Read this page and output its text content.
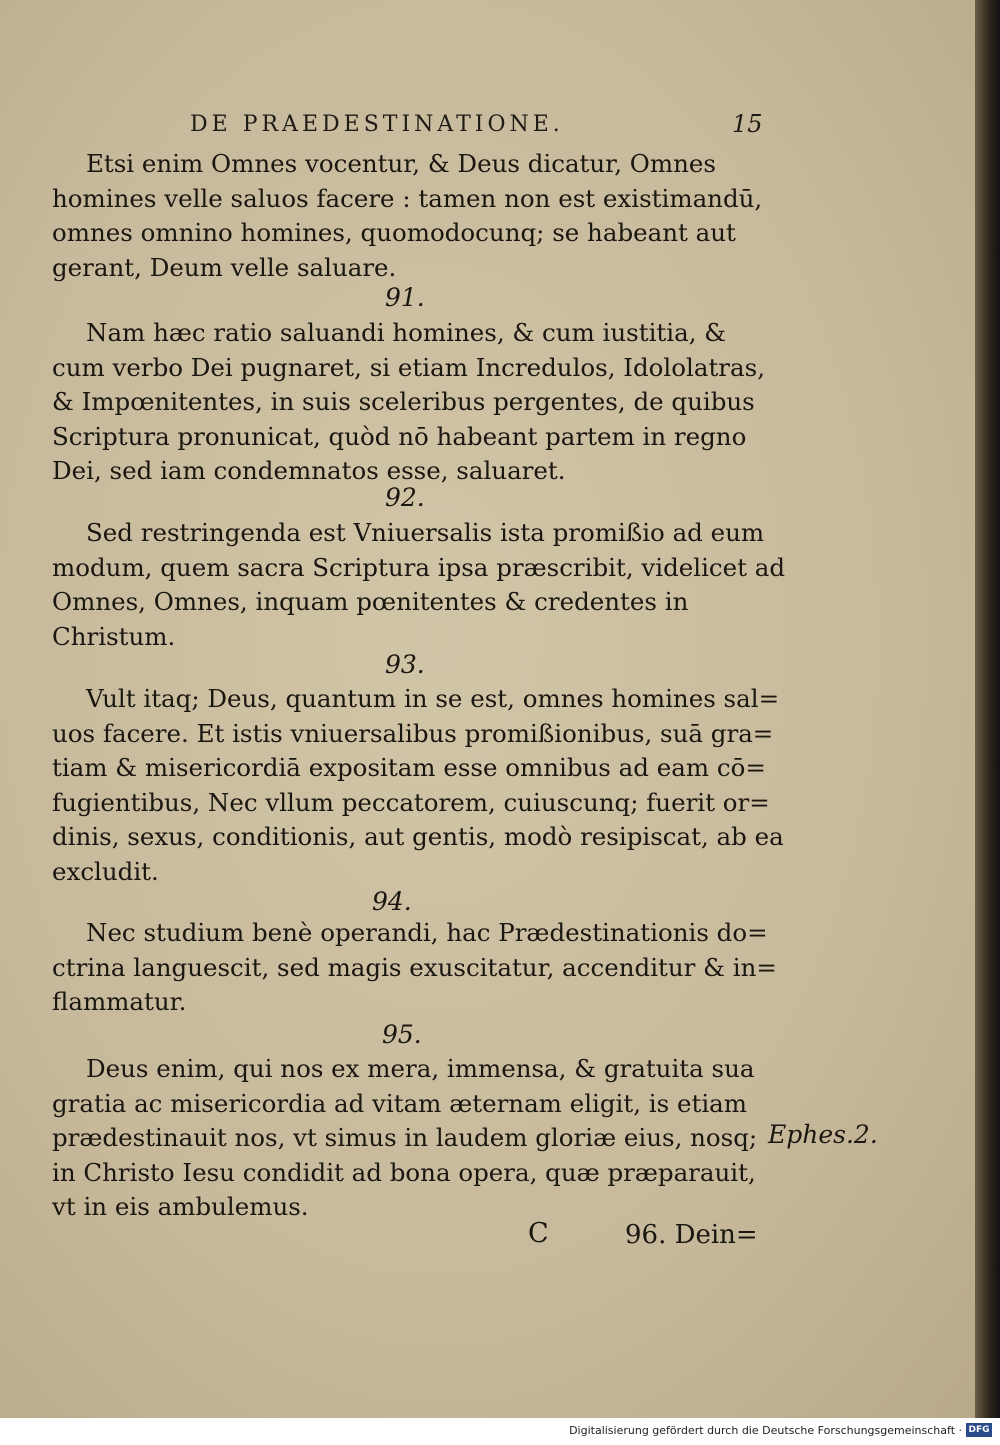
DE PRAEDESTINATIONE.	15
Etsi enim Omnes vocentur, & Deus dicatur, Omnes
homines velle saluos facere : tamen non est existimandū,
omnes omnino homines, quomodocunq; se habeant aut
gerant, Deum velle saluare.
91.
Nam hæc ratio saluandi homines, & cum iustitia, &
cum verbo Dei pugnaret, si etiam Incredulos, Idololatras,
& Impœnitentes, in suis sceleribus pergentes, de quibus
Scriptura pronunicat, quòd nō habeant partem in regno
Dei, sed iam condemnatos esse, saluaret.
92.
Sed restringenda est Vniuersalis ista promißio ad eum
modum, quem sacra Scriptura ipsa præscribit, videlicet ad
Omnes, Omnes, inquam pœnitentes & credentes in
Christum.
93.
Vult itaq; Deus, quantum in se est, omnes homines sal=
uos facere. Et istis vniuersalibus promißionibus, suā gra=
tiam & misericordiā expositam esse omnibus ad eam cō=
fugientibus, Nec vllum peccatorem, cuiuscunq; fuerit or=
dinis, sexus, conditionis, aut gentis, modò resipiscat, ab ea
excludit.
94.
Nec studium benè operandi, hac Prædestinationis do=
ctrina languescit, sed magis exuscitatur, accenditur & in=
flammatur.
95.
Deus enim, qui nos ex mera, immensa, & gratuita sua
gratia ac misericordia ad vitam æternam eligit, is etiam
prædestinauit nos, vt simus in laudem gloriæ eius, nosq;
in Christo Iesu condidit ad bona opera, quæ præparauit,
vt in eis ambulemus.
Ephes.2.
C	96. Dein=
Digitalisierung gefördert durch die Deutsche Forschungsgemeinschaft · DFG
